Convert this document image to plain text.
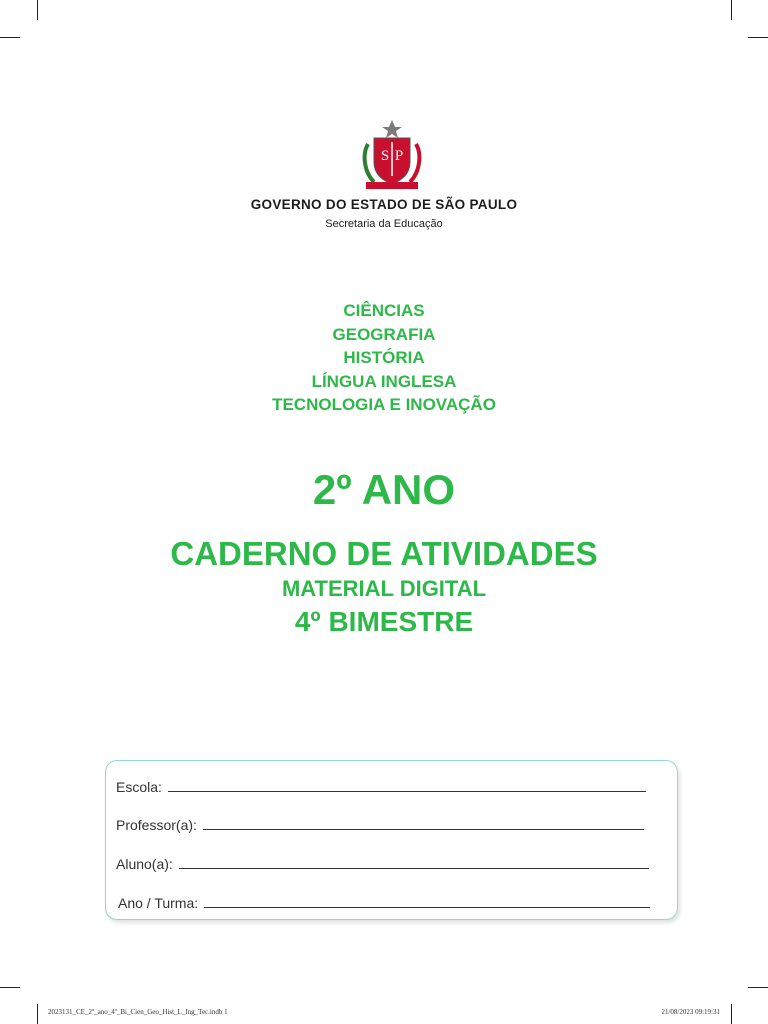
S P
GOVERNO DO ESTADO DE SÃO PAULO
Secretaria da Educação
CIÊNCIAS
GEOGRAFIA
HISTÓRIA
LÍNGUA INGLESA
TECNOLOGIA E INOVAÇÃO
2º ANO
CADERNO DE ATIVIDADES
MATERIAL DIGITAL
4º BIMESTRE
Escola:
Professor(a):
Aluno(a):
Ano / Turma:
2023131_CE_2º_ano_4º_Bi_Cien_Geo_Hist_L_Ing_Tec.indb 1	21/08/2023 09:19:31
